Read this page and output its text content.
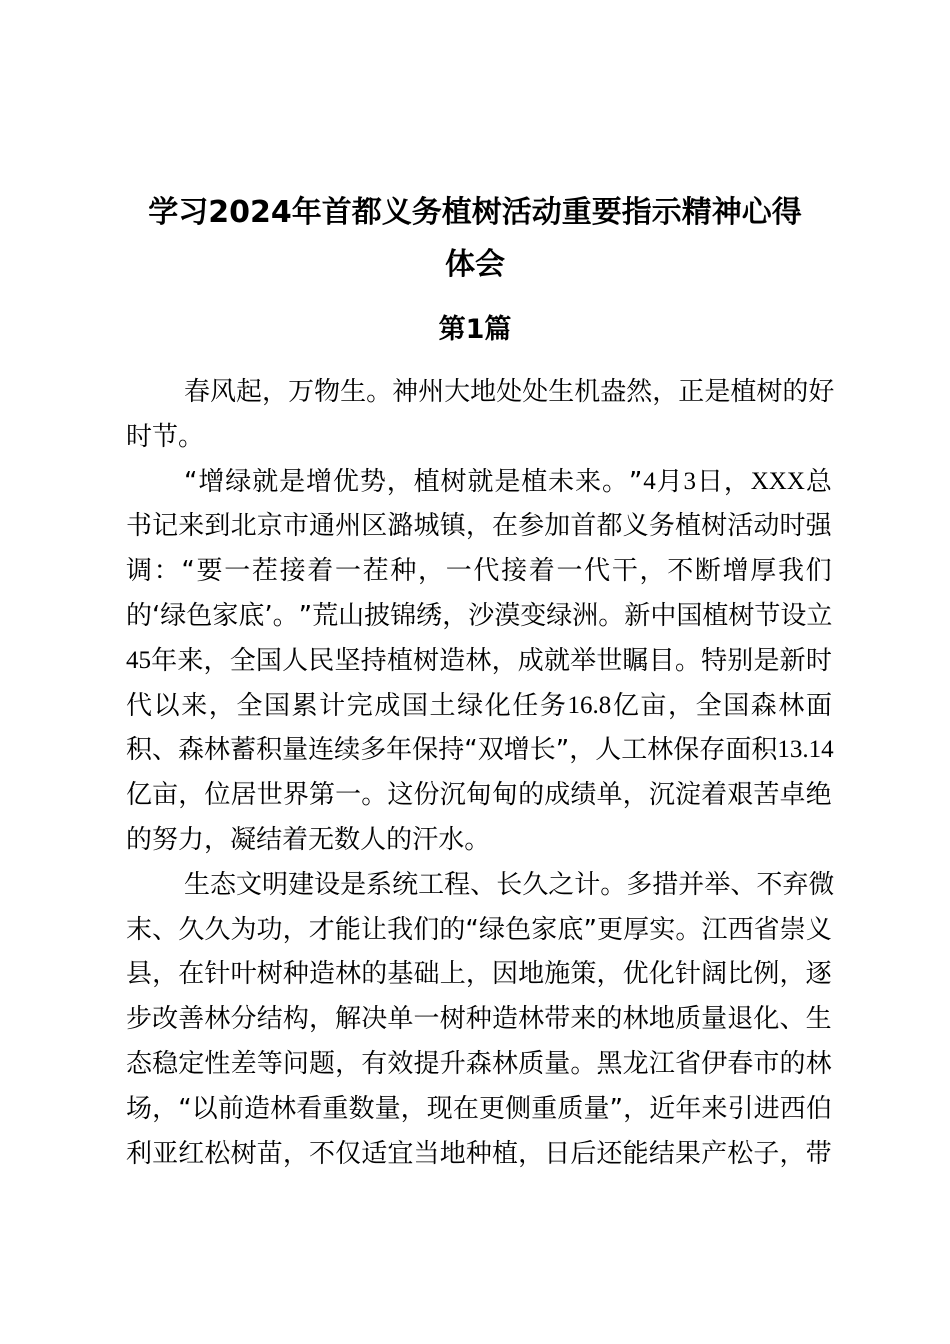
学习2024年首都义务植树活动重要指示精神心得
体会
第1篇
春 风 起 ， 万 物 生 。 神 州 大 地 处 处 生 机 盎 然 ， 正 是 植 树 的 好
时 节 。
“ 增 绿 就 是 增 优 势 ， 植 树 就 是 植 未 来 。 ” 4 月 3 日 ， XXX 总
书 记 来 到 北 京 市 通 州 区 潞 城 镇 ， 在 参 加 首 都 义 务 植 树 活 动 时 强
调 ： “ 要 一 茬 接 着 一 茬 种 ， 一 代 接 着 一 代 干 ， 不 断 增 厚 我 们
的 ‘ 绿 色 家 底 ’ 。 ” 荒 山 披 锦 绣 ， 沙 漠 变 绿 洲 。 新 中 国 植 树 节 设 立
45 年 来 ， 全 国 人 民 坚 持 植 树 造 林 ， 成 就 举 世 瞩 目 。 特 别 是 新 时
代 以 来 ， 全 国 累 计 完 成 国 土 绿 化 任 务 16.8 亿 亩 ， 全 国 森 林 面
积 、 森 林 蓄 积 量 连 续 多 年 保 持 “ 双 增 长 ” ， 人 工 林 保 存 面 积 13.14
亿 亩 ， 位 居 世 界 第 一 。 这 份 沉 甸 甸 的 成 绩 单 ， 沉 淀 着 艰 苦 卓 绝
的 努 力 ， 凝 结 着 无 数 人 的 汗 水 。
生 态 文 明 建 设 是 系 统 工 程 、 长 久 之 计 。 多 措 并 举 、 不 弃 微
末 、 久 久 为 功 ， 才 能 让 我 们 的 “ 绿 色 家 底 ” 更 厚 实 。 江 西 省 崇 义
县 ， 在 针 叶 树 种 造 林 的 基 础 上 ， 因 地 施 策 ， 优 化 针 阔 比 例 ， 逐
步 改 善 林 分 结 构 ， 解 决 单 一 树 种 造 林 带 来 的 林 地 质 量 退 化 、 生
态 稳 定 性 差 等 问 题 ， 有 效 提 升 森 林 质 量 。 黑 龙 江 省 伊 春 市 的 林
场 ， “ 以 前 造 林 看 重 数 量 ， 现 在 更 侧 重 质 量 ” ， 近 年 来 引 进 西 伯
利 亚 红 松 树 苗 ， 不 仅 适 宜 当 地 种 植 ， 日 后 还 能 结 果 产 松 子 ， 带
